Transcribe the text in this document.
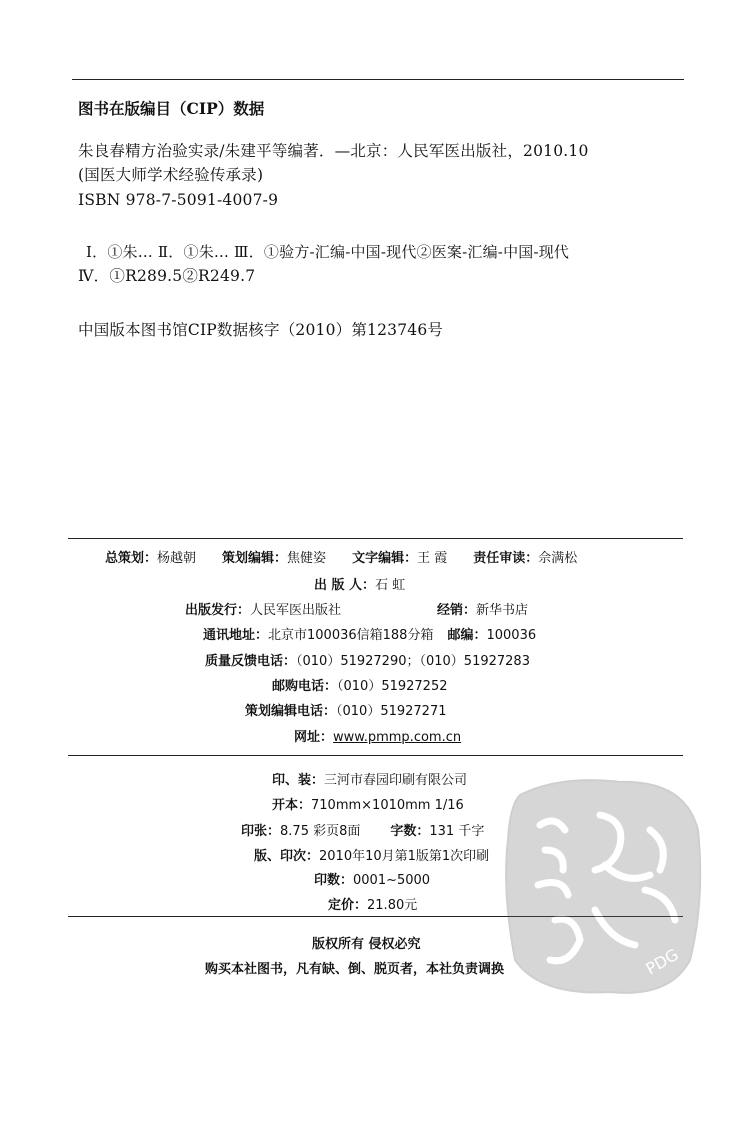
图书在版编目（CIP）数据
朱良春精方治验实录/朱建平等编著．—北京：人民军医出版社，2010.10
(国医大师学术经验传承录)
ISBN 978-7-5091-4007-9
Ⅰ．①朱… Ⅱ．①朱… Ⅲ．①验方-汇编-中国-现代②医案-汇编-中国-现代
Ⅳ．①R289.5②R249.7
中国版本图书馆CIP数据核字（2010）第123746号
总策划：杨越朝 策划编辑：焦健姿 文字编辑：王 霞 责任审读：佘满松
出 版 人：石 虹
出版发行：人民军医出版社	经销：新华书店
通讯地址：北京市100036信箱188分箱 邮编：100036
质量反馈电话：（010）51927290；（010）51927283
邮购电话：（010）51927252
策划编辑电话：（010）51927271
网址：www.pmmp.com.cn
印、装：三河市春园印刷有限公司
开本：710mm×1010mm 1/16
印张：8.75 彩页8面 字数：131 千字
版、印次：2010年10月第1版第1次印刷
印数：0001~5000
定价：21.80元
版权所有 侵权必究
购买本社图书，凡有缺、倒、脱页者，本社负责调换	PDG
